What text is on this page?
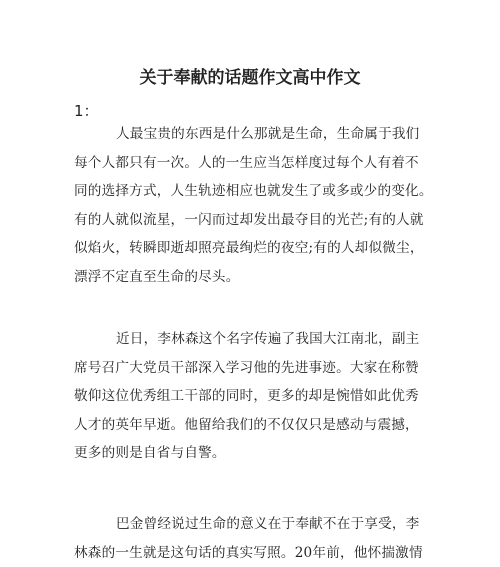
关于奉献的话题作文高中作文
1：
人最宝贵的东西是什么那就是生命，生命属于我们
每个人都只有一次。人的一生应当怎样度过每个人有着不
同的选择方式，人生轨迹相应也就发生了或多或少的变化。
有的人就似流星，一闪而过却发出最夺目的光芒;有的人就
似焰火，转瞬即逝却照亮最绚烂的夜空;有的人却似微尘，
漂浮不定直至生命的尽头。
近日，李林森这个名字传遍了我国大江南北，副主
席号召广大党员干部深入学习他的先进事迹。大家在称赞
敬仰这位优秀组工干部的同时，更多的却是惋惜如此优秀
人才的英年早逝。他留给我们的不仅仅只是感动与震撼，
更多的则是自省与自警。
巴金曾经说过生命的意义在于奉献不在于享受，李
林森的一生就是这句话的真实写照。20年前，他怀揣激情
